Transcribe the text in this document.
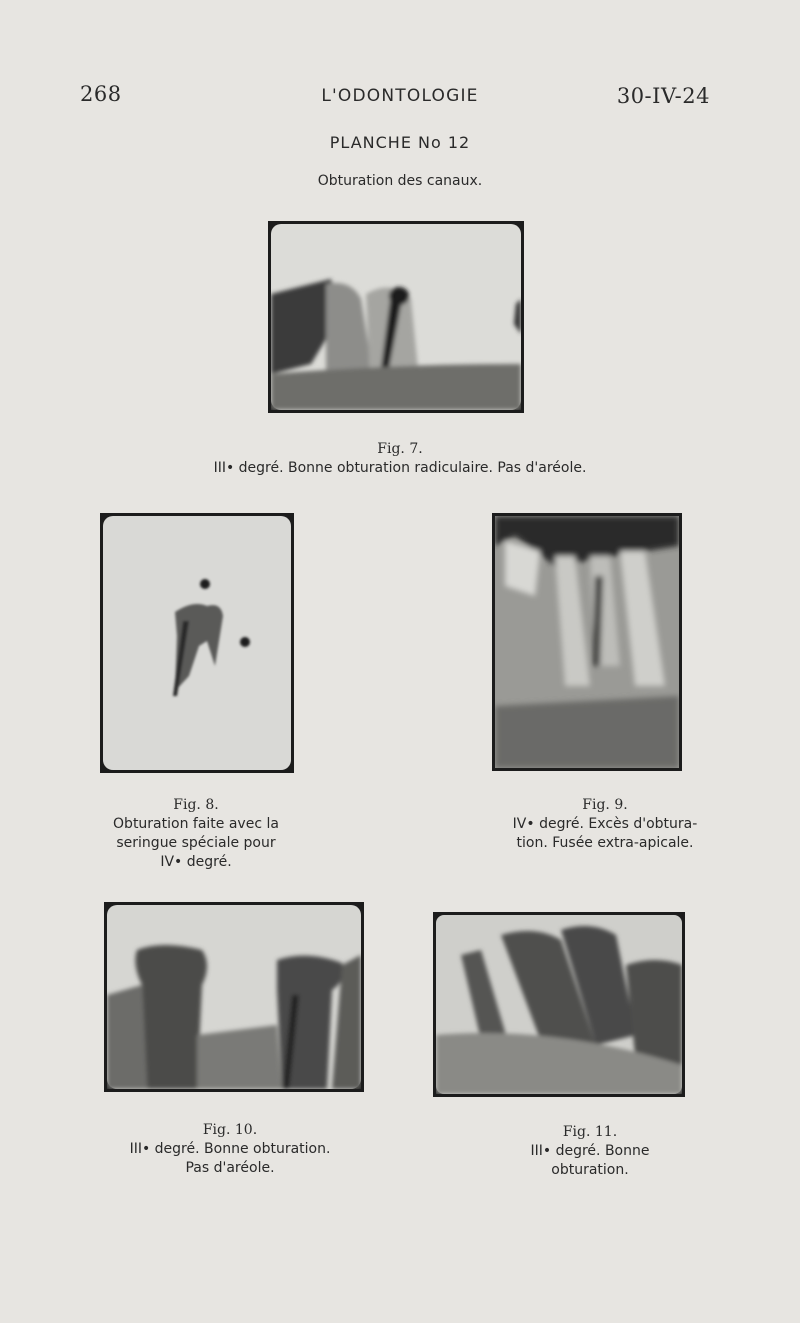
268	L'ODONTOLOGIE	30-IV-24
PLANCHE No 12
Obturation des canaux.
Fig. 7.
III• degré. Bonne obturation radiculaire. Pas d'aréole.
Fig. 8.
Obturation faite avec la
seringue spéciale pour
IV• degré.
Fig. 9.
IV• degré. Excès d'obtura-
tion. Fusée extra-apicale.
Fig. 10.
III• degré. Bonne obturation.
Pas d'aréole.
Fig. 11.
III• degré. Bonne
obturation.
